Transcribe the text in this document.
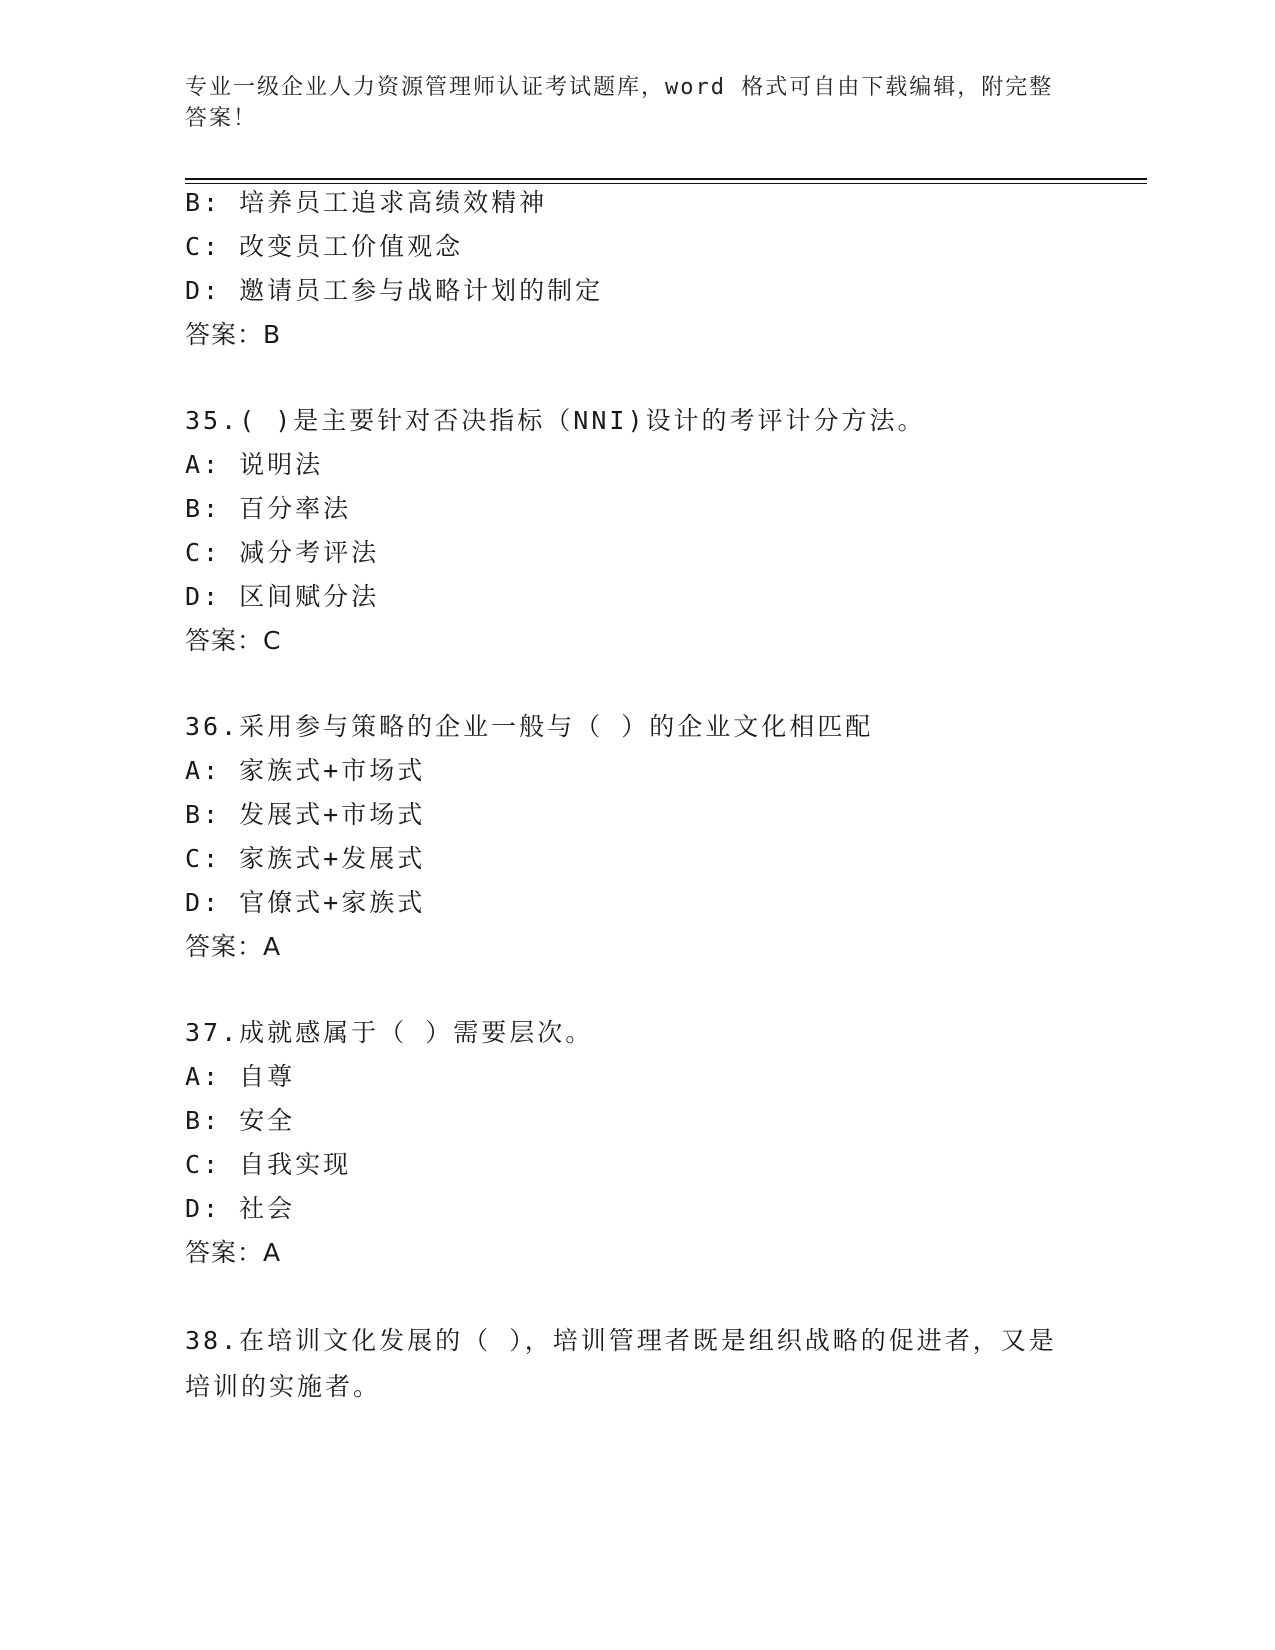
专业一级企业人力资源管理师认证考试题库，word 格式可自由下载编辑，附完整
答案！
B: 培养员工追求高绩效精神
C: 改变员工价值观念
D: 邀请员工参与战略计划的制定
答案：B
35.( )是主要针对否决指标（NNI)设计的考评计分方法。
A: 说明法
B: 百分率法
C: 减分考评法
D: 区间赋分法
答案：C
36.采用参与策略的企业一般与（ ）的企业文化相匹配
A: 家族式+市场式
B: 发展式+市场式
C: 家族式+发展式
D: 官僚式+家族式
答案：A
37.成就感属于（ ）需要层次。
A: 自尊
B: 安全
C: 自我实现
D: 社会
答案：A
38.在培训文化发展的（ ），培训管理者既是组织战略的促进者，又是培训的实施者。
